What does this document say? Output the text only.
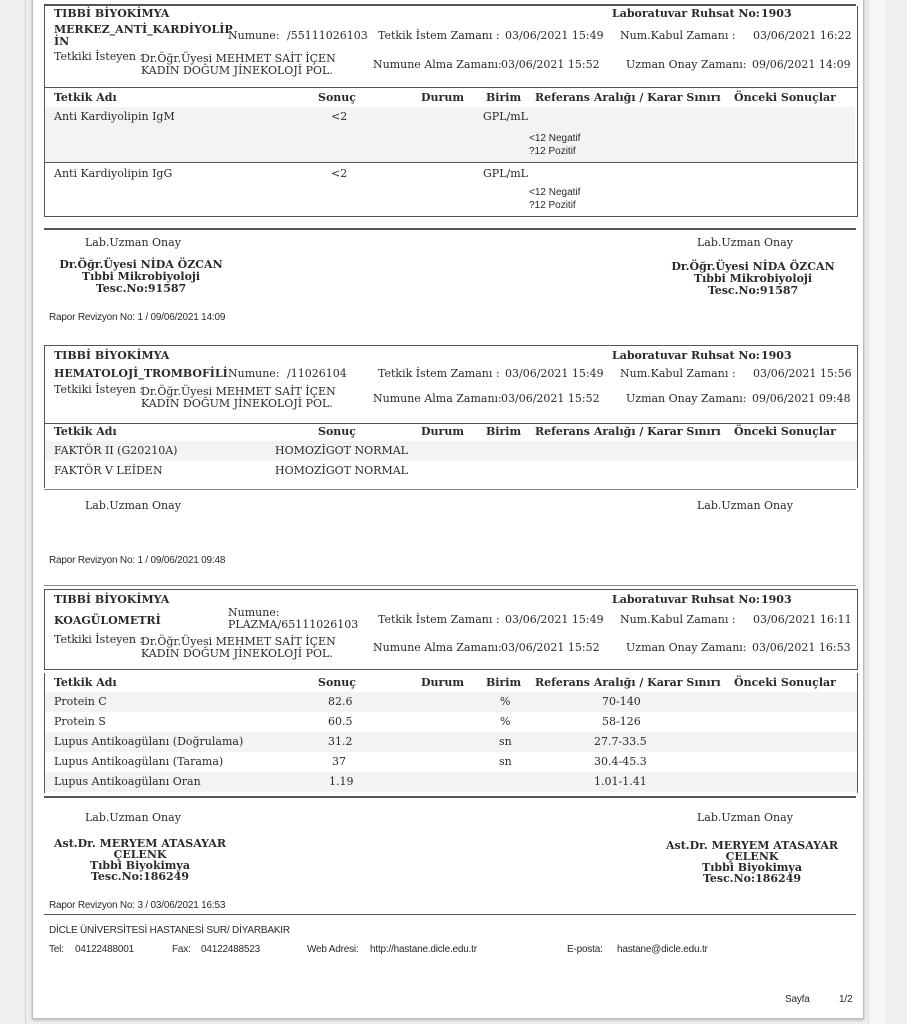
TIBBİ BİYOKİMYA	Laboratuvar Ruhsat No: 1903
MERKEZ_ANTİ_KARDİYOLİP
İN	Numune: /55111026103 Tetkik İstem Zamanı : 03/06/2021 15:49 Num.Kabul Zamanı : 03/06/2021 16:22
Tetkiki İsteyen :
Dr.Öğr.Üyesi MEHMET SAİT İÇEN
KADIN DOĞUM JİNEKOLOJİ POL.	Numune Alma Zamanı: 03/06/2021 15:52 Uzman Onay Zamanı: 09/06/2021 14:09
Tetkik Adı	Sonuç	Durum Birim Referans Aralığı / Karar Sınırı Önceki Sonuçlar
Anti Kardiyolipin IgM	<2	GPL/mL
<12 Negatif
?12 Pozitif
Anti Kardiyolipin IgG	<2	GPL/mL
<12 Negatif
?12 Pozitif
Lab.Uzman Onay	Lab.Uzman Onay
Dr.Öğr.Üyesi NİDA ÖZCAN
Tıbbi Mikrobiyoloji
Tesc.No:91587
Dr.Öğr.Üyesi NİDA ÖZCAN
Tıbbi Mikrobiyoloji
Tesc.No:91587
Rapor Revizyon No: 1 / 09/06/2021 14:09
TIBBİ BİYOKİMYA	Laboratuvar Ruhsat No: 1903
HEMATOLOJİ_TROMBOFİLİ Numune: /11026104	Tetkik İstem Zamanı : 03/06/2021 15:49 Num.Kabul Zamanı : 03/06/2021 15:56
Tetkiki İsteyen :
Dr.Öğr.Üyesi MEHMET SAİT İÇEN
KADIN DOĞUM JİNEKOLOJİ POL.	Numune Alma Zamanı: 03/06/2021 15:52 Uzman Onay Zamanı: 09/06/2021 09:48
Tetkik Adı	Sonuç	Durum Birim Referans Aralığı / Karar Sınırı Önceki Sonuçlar
FAKTÖR II (G20210A)	HOMOZİGOT NORMAL
FAKTÖR V LEİDEN	HOMOZİGOT NORMAL
Lab.Uzman Onay	Lab.Uzman Onay
Rapor Revizyon No: 1 / 09/06/2021 09:48
TIBBİ BİYOKİMYA	Laboratuvar Ruhsat No: 1903
KOAGÜLOMETRİ
Numune:
PLAZMA/65111026103 Tetkik İstem Zamanı : 03/06/2021 15:49 Num.Kabul Zamanı : 03/06/2021 16:11
Tetkiki İsteyen :
Dr.Öğr.Üyesi MEHMET SAİT İÇEN
KADIN DOĞUM JİNEKOLOJİ POL.	Numune Alma Zamanı: 03/06/2021 15:52 Uzman Onay Zamanı: 03/06/2021 16:53
Tetkik Adı	Sonuç	Durum Birim Referans Aralığı / Karar Sınırı Önceki Sonuçlar
Protein C	82.6	%	70-140
Protein S	60.5	%	58-126
Lupus Antikoagülanı (Doğrulama)	31.2	sn	27.7-33.5
Lupus Antikoagülanı (Tarama)	37	sn	30.4-45.3
Lupus Antikoagülanı Oran	1.19	1.01-1.41
Lab.Uzman Onay	Lab.Uzman Onay
Ast.Dr. MERYEM ATASAYAR
ÇELENK
Tıbbi Biyokimya
Tesc.No:186249
Ast.Dr. MERYEM ATASAYAR
ÇELENK
Tıbbi Biyokimya
Tesc.No:186249
Rapor Revizyon No: 3 / 03/06/2021 16:53
DİCLE ÜNİVERSİTESİ HASTANESİ SUR/ DİYARBAKIR
Tel: 04122488001	Fax: 04122488523	Web Adresi: http://hastane.dicle.edu.tr	E-posta: hastane@dicle.edu.tr
Sayfa	1/2
